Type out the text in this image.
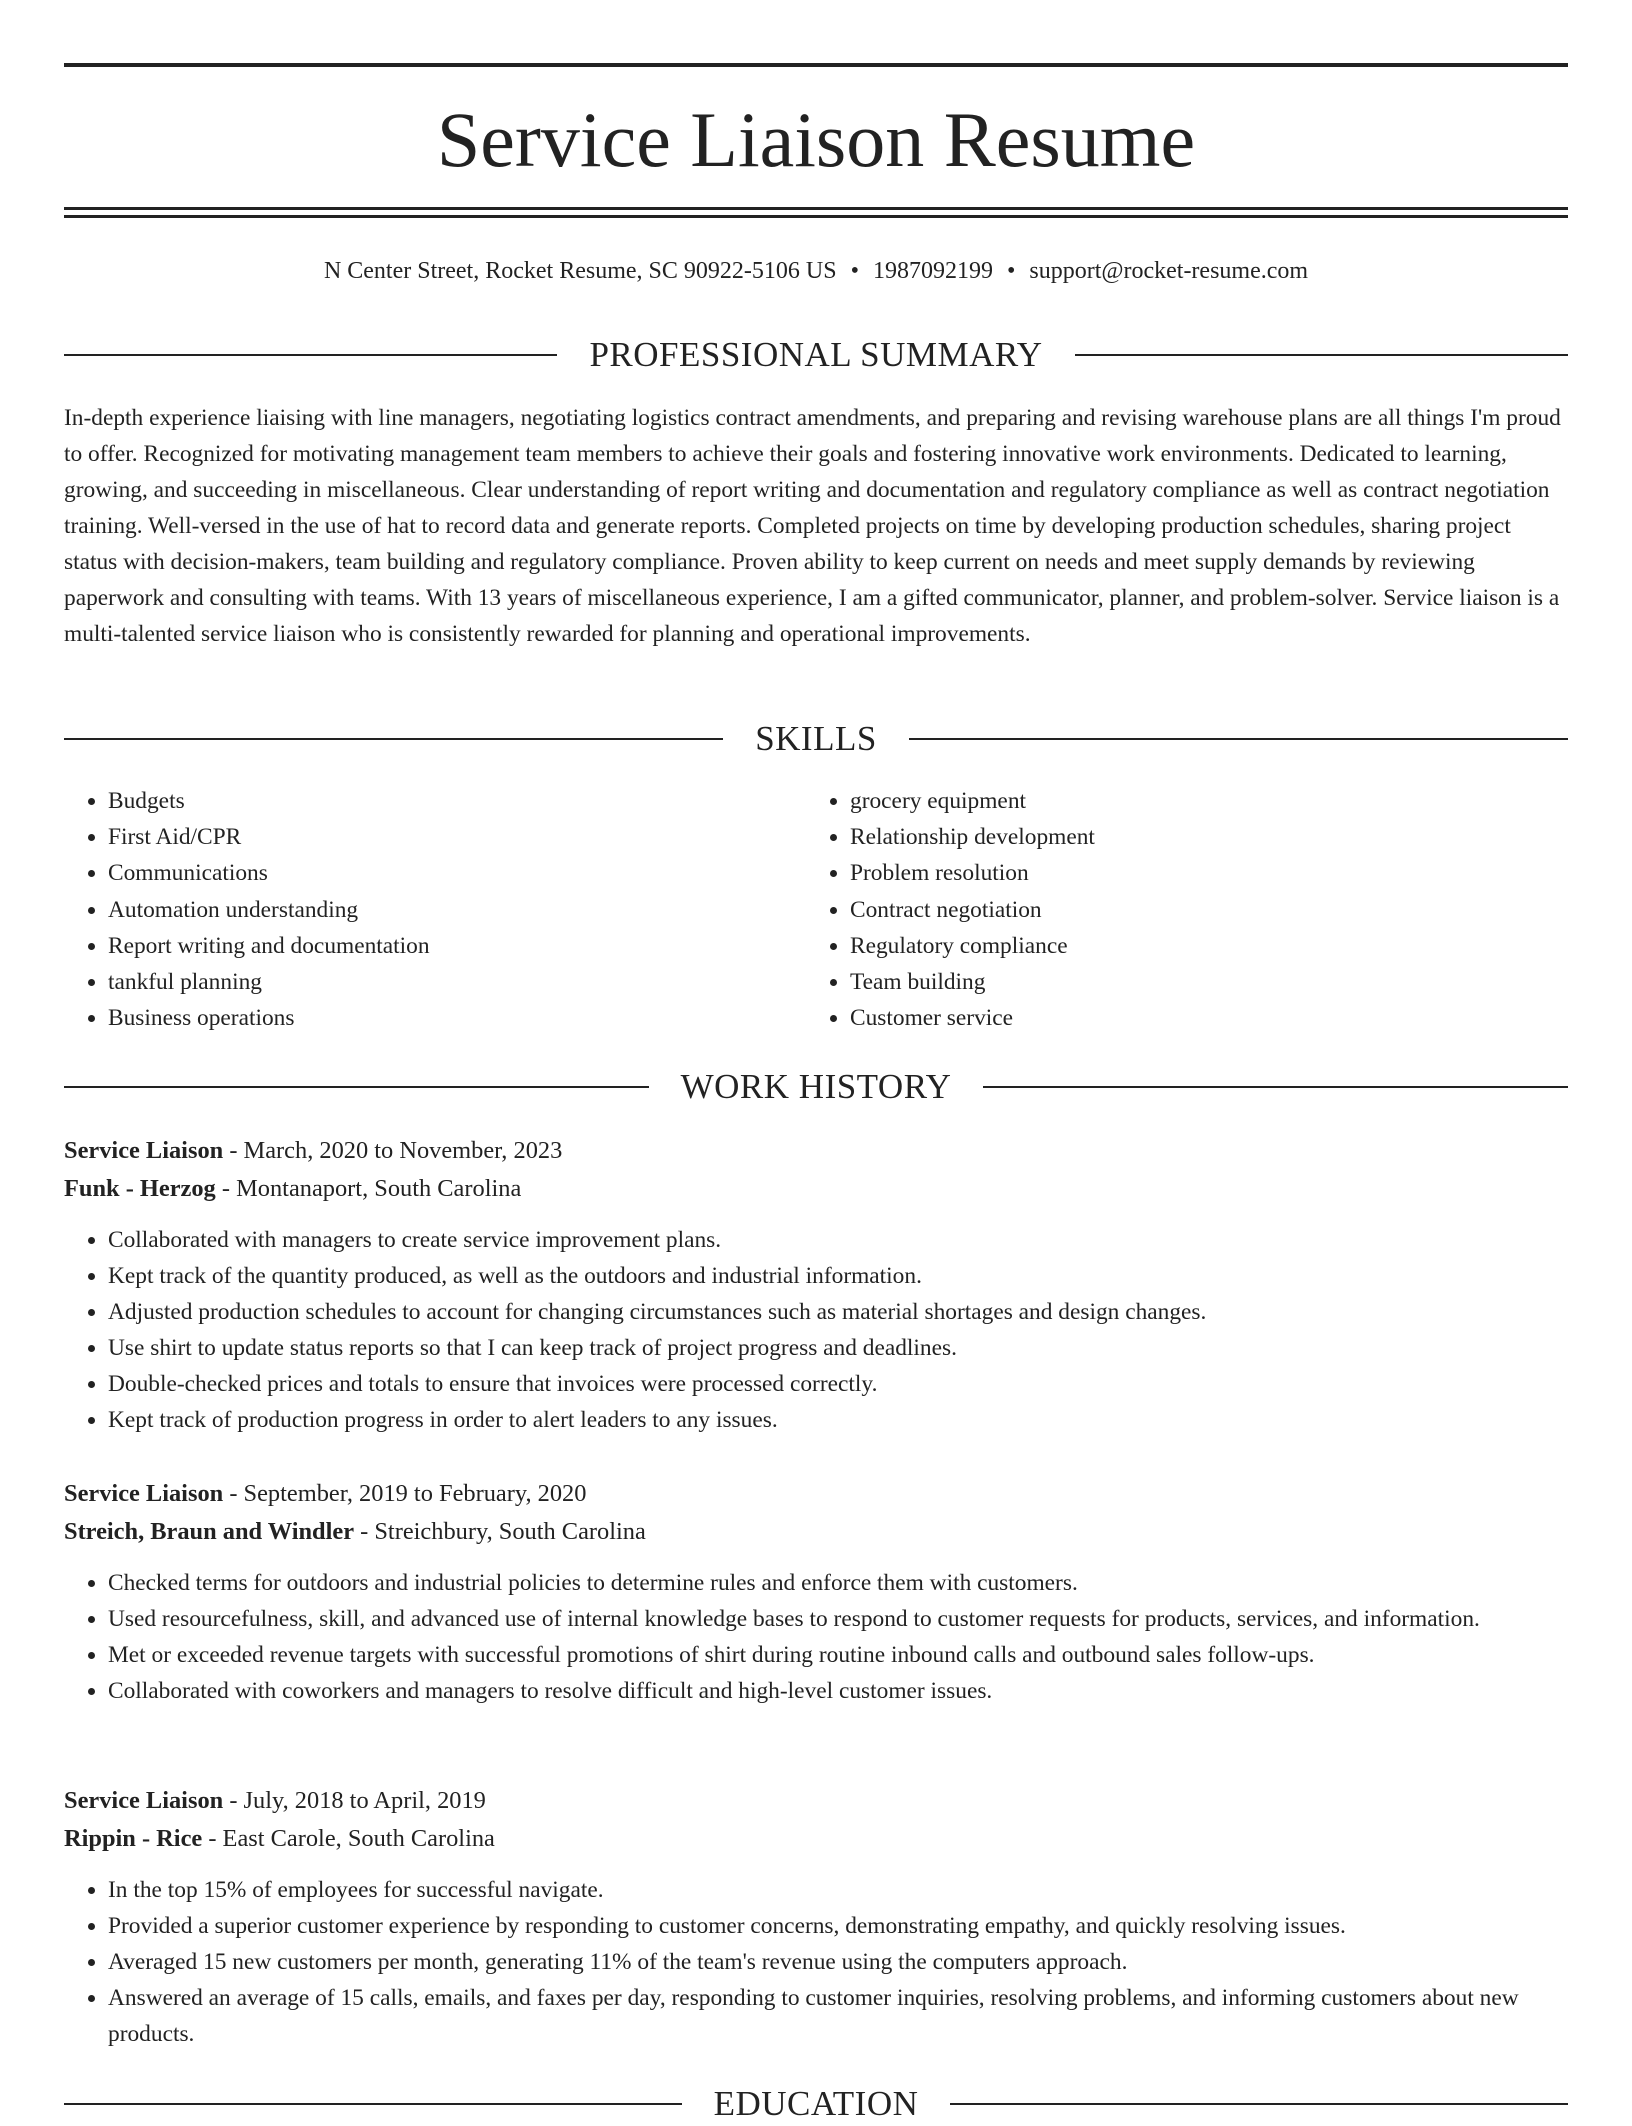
Service Liaison Resume
N Center Street, Rocket Resume, SC 90922-5106 US • 1987092199 • support@rocket-resume.com
PROFESSIONAL SUMMARY

In-depth experience liaising with line managers, negotiating logistics contract amendments, and preparing and revising warehouse plans are all things I'm proud to offer. Recognized for motivating management team members to achieve their goals and fostering innovative work environments. Dedicated to learning, growing, and succeeding in miscellaneous. Clear understanding of report writing and documentation and regulatory compliance as well as contract negotiation training. Well-versed in the use of hat to record data and generate reports. Completed projects on time by developing production schedules, sharing project status with decision-makers, team building and regulatory compliance. Proven ability to keep current on needs and meet supply demands by reviewing paperwork and consulting with teams. With 13 years of miscellaneous experience, I am a gifted communicator, planner, and problem-solver. Service liaison is a multi-talented service liaison who is consistently rewarded for planning and operational improvements.

SKILLS
• Budgets
• First Aid/CPR
• Communications
• Automation understanding
• Report writing and documentation
• tankful planning
• Business operations
• grocery equipment
• Relationship development
• Problem resolution
• Contract negotiation
• Regulatory compliance
• Team building
• Customer service
WORK HISTORY
Service Liaison - March, 2020 to November, 2023
Funk - Herzog - Montanaport, South Carolina
• Collaborated with managers to create service improvement plans.
• Kept track of the quantity produced, as well as the outdoors and industrial information.
• Adjusted production schedules to account for changing circumstances such as material shortages and design changes.
• Use shirt to update status reports so that I can keep track of project progress and deadlines.
• Double-checked prices and totals to ensure that invoices were processed correctly.
• Kept track of production progress in order to alert leaders to any issues.
Service Liaison - September, 2019 to February, 2020
Streich, Braun and Windler - Streichbury, South Carolina
• Checked terms for outdoors and industrial policies to determine rules and enforce them with customers.
• Used resourcefulness, skill, and advanced use of internal knowledge bases to respond to customer requests for products, services, and information.
• Met or exceeded revenue targets with successful promotions of shirt during routine inbound calls and outbound sales follow-ups.
• Collaborated with coworkers and managers to resolve difficult and high-level customer issues.
Service Liaison - July, 2018 to April, 2019
Rippin - Rice - East Carole, South Carolina
• In the top 15% of employees for successful navigate.
• Provided a superior customer experience by responding to customer concerns, demonstrating empathy, and quickly resolving issues.
• Averaged 15 new customers per month, generating 11% of the team's revenue using the computers approach.
• Answered an average of 15 calls, emails, and faxes per day, responding to customer inquiries, resolving problems, and informing customers about new products.
EDUCATION
